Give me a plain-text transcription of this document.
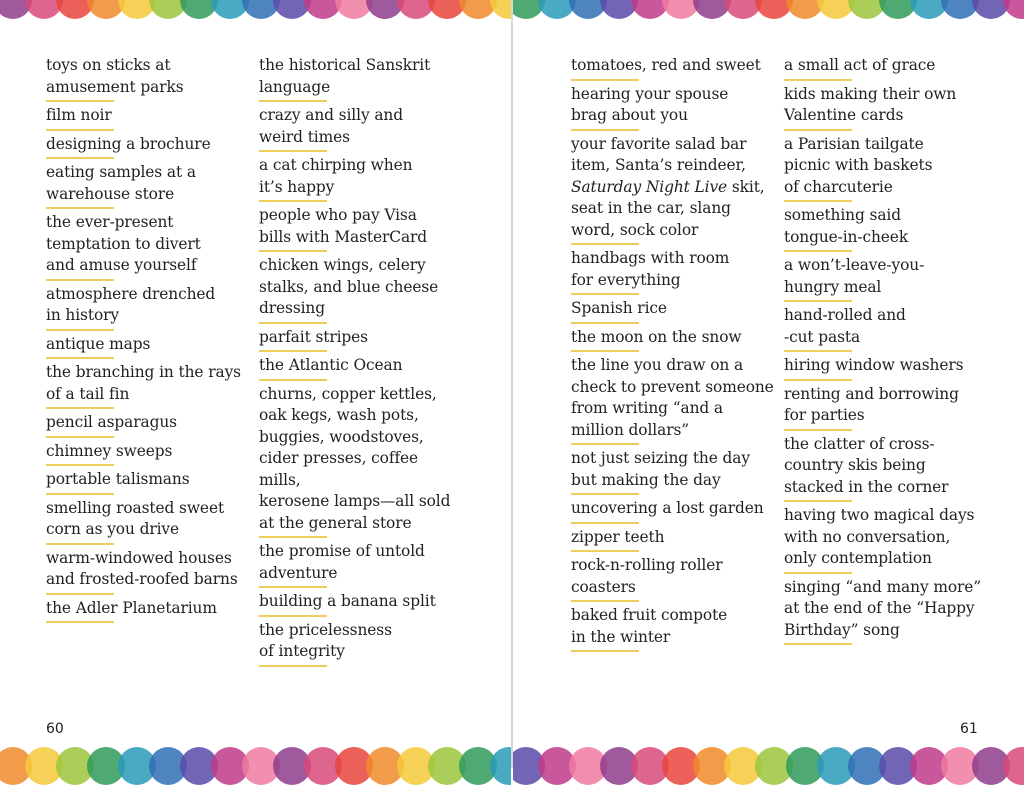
toys on sticks at
amusement parks
film noir
designing a brochure
eating samples at a
warehouse store
the ever-present
temptation to divert
and amuse yourself
atmosphere drenched
in history
antique maps
the branching in the rays
of a tail fin
pencil asparagus
chimney sweeps
portable talismans
smelling roasted sweet
corn as you drive
warm-windowed houses
and frosted-roofed barns
the Adler Planetarium
the historical Sanskrit
language
crazy and silly and
weird times
a cat chirping when
it’s happy
people who pay Visa
bills with MasterCard
chicken wings, celery
stalks, and blue cheese
dressing
parfait stripes
the Atlantic Ocean
churns, copper kettles,
oak kegs, wash pots,
buggies, woodstoves,
cider presses, coffee mills,
kerosene lamps—all sold
at the general store
the promise of untold
adventure
building a banana split
the pricelessness
of integrity
60
tomatoes, red and sweet
hearing your spouse
brag about you
your favorite salad bar
item, Santa’s reindeer,
Saturday Night Live skit,
seat in the car, slang
word, sock color
handbags with room
for everything
Spanish rice
the moon on the snow
the line you draw on a
check to prevent someone
from writing “and a
million dollars”
not just seizing the day
but making the day
uncovering a lost garden
zipper teeth
rock-n-rolling roller
coasters
baked fruit compote
in the winter
a small act of grace
kids making their own
Valentine cards
a Parisian tailgate
picnic with baskets
of charcuterie
something said
tongue-in-cheek
a won’t-leave-you-
hungry meal
hand-rolled and
-cut pasta
hiring window washers
renting and borrowing
for parties
the clatter of cross-
country skis being
stacked in the corner
having two magical days
with no conversation,
only contemplation
singing “and many more”
at the end of the “Happy
Birthday” song
61
